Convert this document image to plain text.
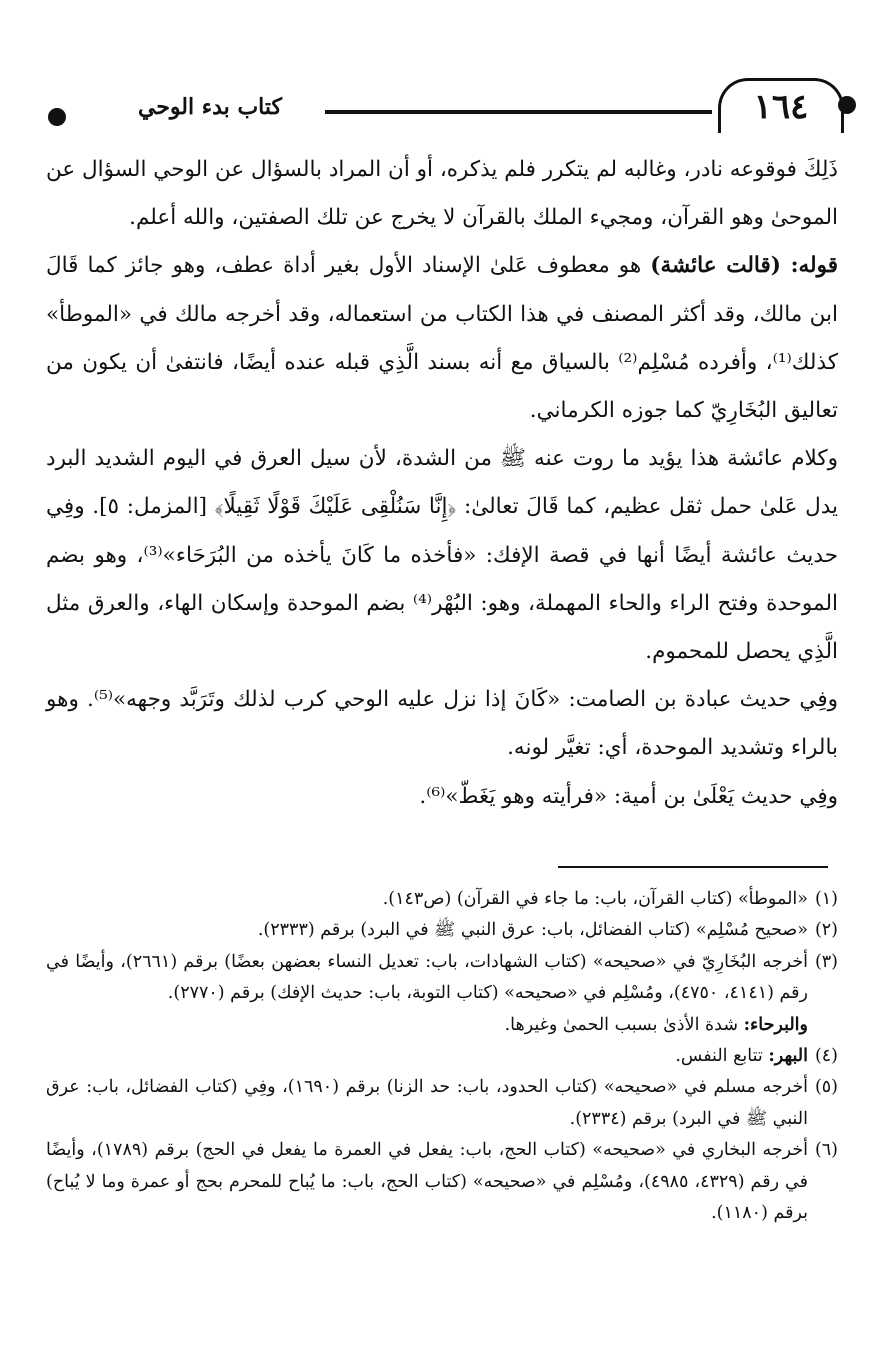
كتاب بدء الوحي	١٦٤

ذَلِكَ فوقوعه نادر، وغالبه لم يتكرر فلم يذكره، أو أن المراد بالسؤال عن الوحي السؤال عن الموحىٰ وهو القرآن، ومجيء الملك بالقرآن لا يخرج عن تلك الصفتين، والله أعلم.

قوله: (قالت عائشة) هو معطوف عَلىٰ الإسناد الأول بغير أداة عطف، وهو جائز كما قَالَ ابن مالك، وقد أكثر المصنف في هذا الكتاب من استعماله، وقد أخرجه مالك في «الموطأ» كذلك⁽¹⁾، وأفرده مُسْلِم⁽²⁾ بالسياق مع أنه بسند الَّذِي قبله عنده أيضًا، فانتفىٰ أن يكون من تعاليق البُخَارِيّ كما جوزه الكرماني.

وكلام عائشة هذا يؤيد ما روت عنه ﷺ من الشدة، لأن سيل العرق في اليوم الشديد البرد يدل عَلىٰ حمل ثقل عظيم، كما قَالَ تعالىٰ: ﴿إِنَّا سَنُلْقِى عَلَيْكَ قَوْلًا ثَقِيلًا﴾ [المزمل: ٥]. وفِي حديث عائشة أيضًا أنها في قصة الإفك: «فأخذه ما كَانَ يأخذه من البُرَحَاء»⁽³⁾، وهو بضم الموحدة وفتح الراء والحاء المهملة، وهو: البُهْر⁽⁴⁾ بضم الموحدة وإسكان الهاء، والعرق مثل الَّذِي يحصل للمحموم.

وفِي حديث عبادة بن الصامت: «كَانَ إذا نزل عليه الوحي كرب لذلك وتَرَبَّد وجهه»⁽⁵⁾. وهو بالراء وتشديد الموحدة، أي: تغيَّر لونه.

وفِي حديث يَعْلَىٰ بن أمية: «فرأيته وهو يَغَطّ»⁽⁶⁾.

(١)
«الموطأ» (كتاب القرآن، باب: ما جاء في القرآن) (ص١٤٣).

(٢)
«صحيح مُسْلِم» (كتاب الفضائل، باب: عرق النبي ﷺ في البرد) برقم (٢٣٣٣).

(٣)
أخرجه البُخَارِيّ في «صحيحه» (كتاب الشهادات، باب: تعديل النساء بعضهن بعضًا) برقم (٢٦٦١)، وأيضًا في رقم (٤١٤١، ٤٧٥٠)، ومُسْلِم في «صحيحه» (كتاب التوبة، باب: حديث الإفك) برقم (٢٧٧٠).

والبرحاء: شدة الأذىٰ بسبب الحمىٰ وغيرها.

(٤)
البهر: تتابع النفس.

(٥)
أخرجه مسلم في «صحيحه» (كتاب الحدود، باب: حد الزنا) برقم (١٦٩٠)، وفِي (كتاب الفضائل، باب: عرق النبي ﷺ في البرد) برقم (٢٣٣٤).

(٦)
أخرجه البخاري في «صحيحه» (كتاب الحج، باب: يفعل في العمرة ما يفعل في الحج) برقم (١٧٨٩)، وأيضًا في رقم (٤٣٢٩، ٤٩٨٥)، ومُسْلِم في «صحيحه» (كتاب الحج، باب: ما يُباح للمحرم بحج أو عمرة وما لا يُباح) برقم (١١٨٠).
